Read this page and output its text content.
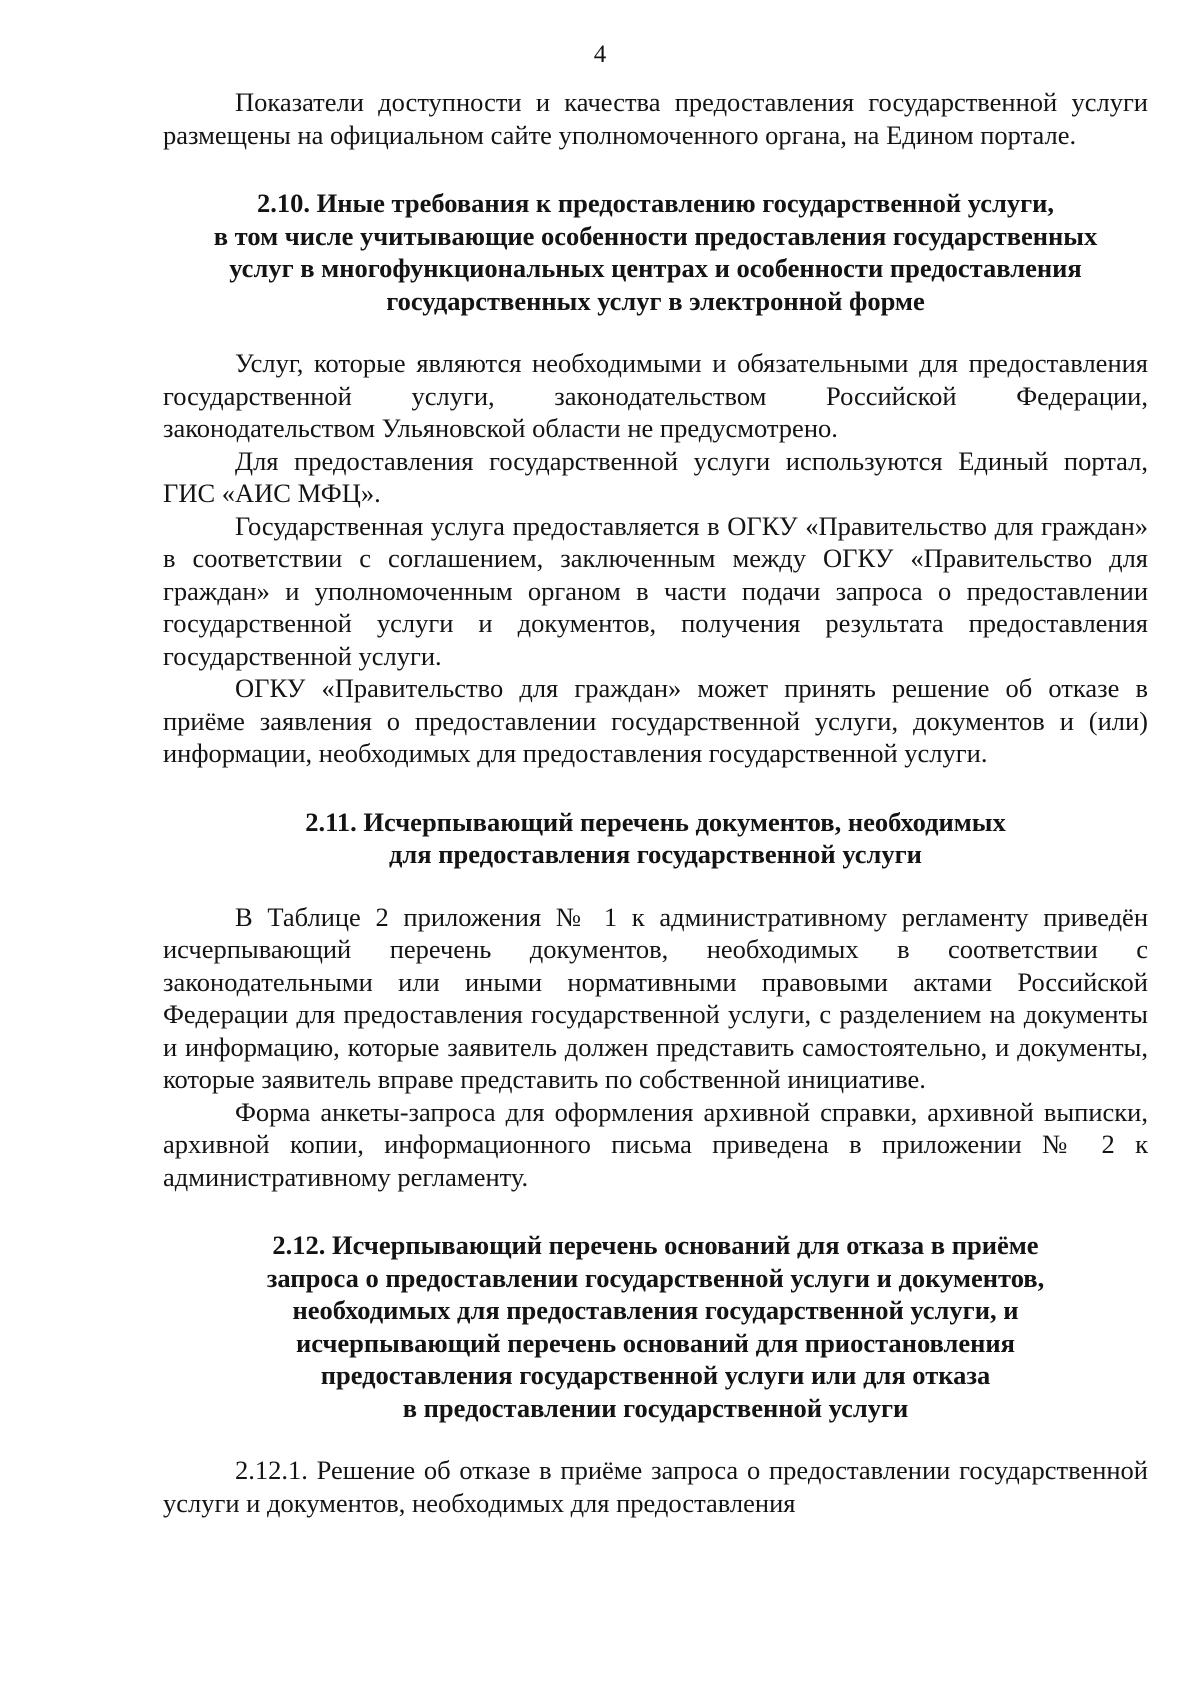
4

Показатели доступности и качества предоставления государственной услуги размещены на официальном сайте уполномоченного органа, на Едином портале.

2.10. Иные требования к предоставлению государственной услуги,
в том числе учитывающие особенности предоставления государственных
услуг в многофункциональных центрах и особенности предоставления
государственных услуг в электронной форме

Услуг, которые являются необходимыми и обязательными для предоставления государственной услуги, законодательством Российской Федерации, законодательством Ульяновской области не предусмотрено.

Для предоставления государственной услуги используются Единый портал, ГИС «АИС МФЦ».

Государственная услуга предоставляется в ОГКУ «Правительство для граждан» в соответствии с соглашением, заключенным между ОГКУ «Правительство для граждан» и уполномоченным органом в части подачи запроса о предоставлении государственной услуги и документов, получения результата предоставления государственной услуги.

ОГКУ «Правительство для граждан» может принять решение об отказе в приёме заявления о предоставлении государственной услуги, документов и (или) информации, необходимых для предоставления государственной услуги.

2.11. Исчерпывающий перечень документов, необходимых
для предоставления государственной услуги

В Таблице 2 приложения № 1 к административному регламенту приведён исчерпывающий перечень документов, необходимых в соответствии с законодательными или иными нормативными правовыми актами Российской Федерации для предоставления государственной услуги, с разделением на документы и информацию, которые заявитель должен представить самостоятельно, и документы, которые заявитель вправе представить по собственной инициативе.

Форма анкеты-запроса для оформления архивной справки, архивной выписки, архивной копии, информационного письма приведена в приложении № 2 к административному регламенту.

2.12. Исчерпывающий перечень оснований для отказа в приёме
запроса о предоставлении государственной услуги и документов,
необходимых для предоставления государственной услуги, и
исчерпывающий перечень оснований для приостановления
предоставления государственной услуги или для отказа
в предоставлении государственной услуги

2.12.1. Решение об отказе в приёме запроса о предоставлении государственной услуги и документов, необходимых для предоставления
